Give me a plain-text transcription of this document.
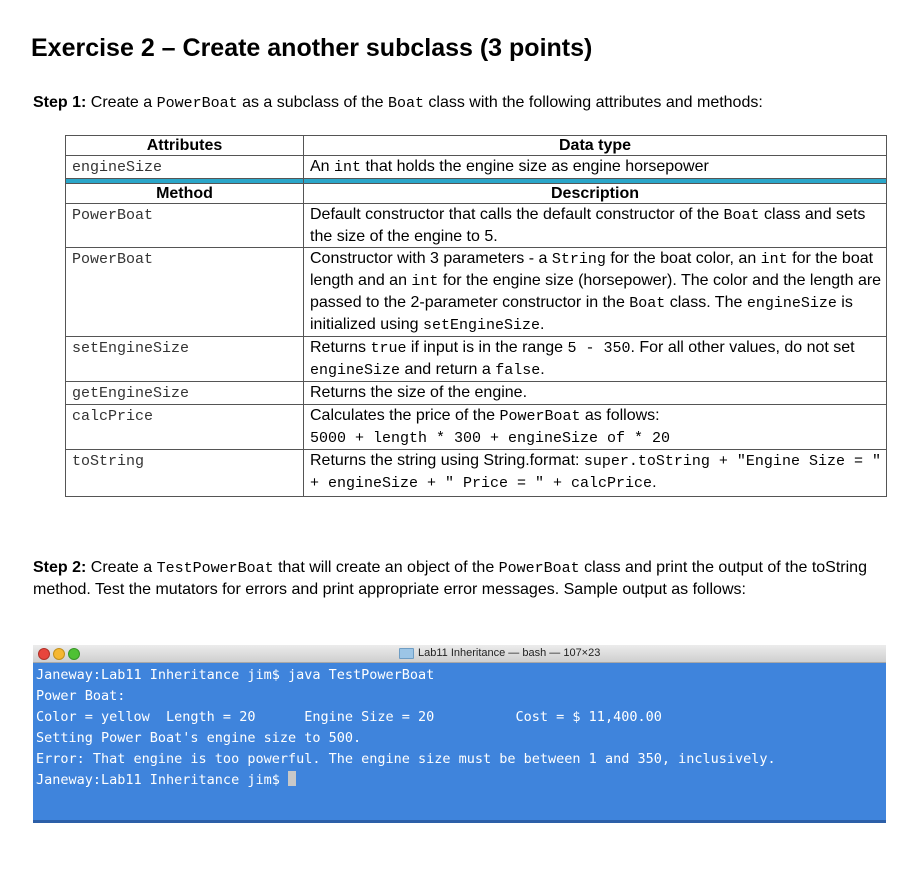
Exercise 2 – Create another subclass (3 points)

Step 1: Create a PowerBoat as a subclass of the Boat class with the following attributes and methods:

Attributes	Data type
engineSize	An int that holds the engine size as engine horsepower

Method	Description
PowerBoat	Default constructor that calls the default constructor of the Boat class and sets the size of the engine to 5.
PowerBoat	Constructor with 3 parameters - a String for the boat color, an int for the boat length and an int for the engine size (horsepower). The color and the length are passed to the 2-parameter constructor in the Boat class. The engineSize is initialized using setEngineSize.
setEngineSize	Returns true if input is in the range 5 - 350. For all other values, do not set engineSize and return a false.
getEngineSize	Returns the size of the engine.
calcPrice	Calculates the price of the PowerBoat as follows:
5000 + length * 300 + engineSize of * 20
toString	Returns the string using String.format: super.toString + "Engine Size = " + engineSize + " Price = " + calcPrice.

Step 2: Create a TestPowerBoat that will create an object of the PowerBoat class and print the output of the toString method. Test the mutators for errors and print appropriate error messages. Sample output as follows:

Lab11 Inheritance — bash — 107×23
Janeway:Lab11 Inheritance jim$ java TestPowerBoat
Power Boat:
Color = yellow  Length = 20      Engine Size = 20          Cost = $ 11,400.00
Setting Power Boat's engine size to 500.
Error: That engine is too powerful. The engine size must be between 1 and 350, inclusively.
Janeway:Lab11 Inheritance jim$
